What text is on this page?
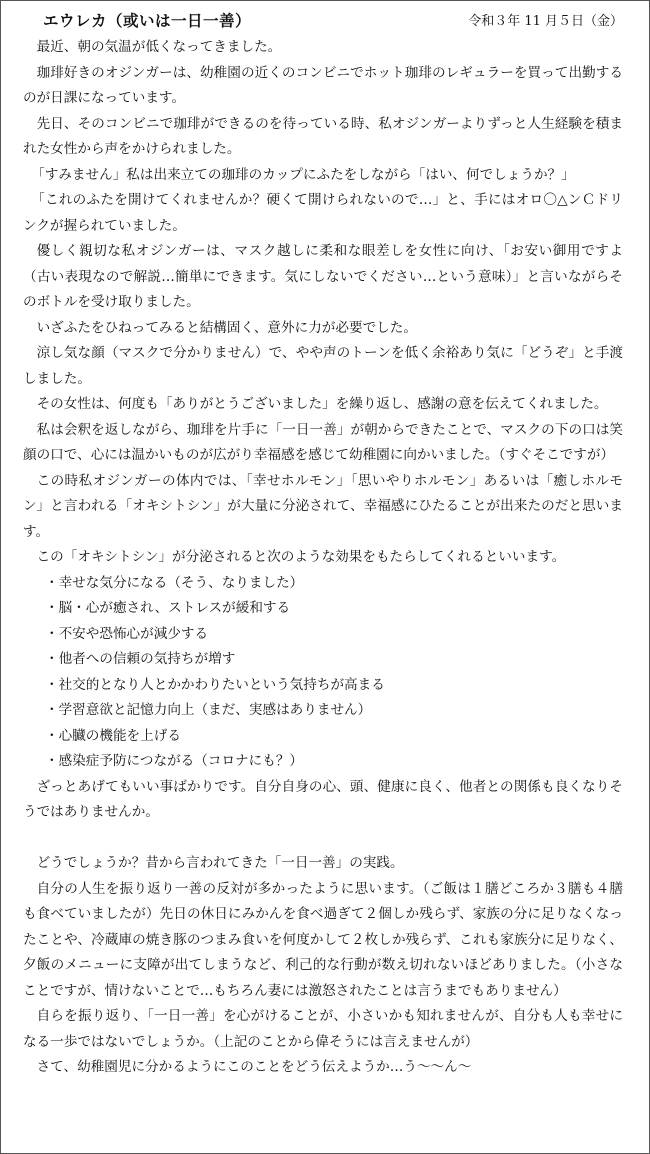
エウレカ（或いは一日一善）	令和３年 11 月５日（金）

最近、朝の気温が低くなってきました。

珈琲好きのオジンガーは、幼稚園の近くのコンビニでホット珈琲のレギュラーを買って出勤するのが日課になっています。

先日、そのコンビニで珈琲ができるのを待っている時、私オジンガーよりずっと人生経験を積まれた女性から声をかけられました。

「すみません」私は出来立ての珈琲のカップにふたをしながら「はい、何でしょうか？」

「これのふたを開けてくれませんか？硬くて開けられないので…」と、手にはオロ〇△ンＣドリンクが握られていました。

優しく親切な私オジンガーは、マスク越しに柔和な眼差しを女性に向け、「お安い御用ですよ（古い表現なので解説…簡単にできます。気にしないでください…という意味）」と言いながらそのボトルを受け取りました。

いざふたをひねってみると結構固く、意外に力が必要でした。

涼し気な顔（マスクで分かりません）で、やや声のトーンを低く余裕あり気に「どうぞ」と手渡しました。

その女性は、何度も「ありがとうございました」を繰り返し、感謝の意を伝えてくれました。

私は会釈を返しながら、珈琲を片手に「一日一善」が朝からできたことで、マスクの下の口は笑顔の口で、心には温かいものが広がり幸福感を感じて幼稚園に向かいました。（すぐそこですが）

この時私オジンガーの体内では、「幸せホルモン」「思いやりホルモン」あるいは「癒しホルモン」と言われる「オキシトシン」が大量に分泌されて、幸福感にひたることが出来たのだと思います。

この「オキシトシン」が分泌されると次のような効果をもたらしてくれるといいます。

・幸せな気分になる（そう、なりました）
・脳・心が癒され、ストレスが緩和する
・不安や恐怖心が減少する
・他者への信頼の気持ちが増す
・社交的となり人とかかわりたいという気持ちが高まる
・学習意欲と記憶力向上（まだ、実感はありません）
・心臓の機能を上げる
・感染症予防につながる（コロナにも？）

ざっとあげてもいい事ばかりです。自分自身の心、頭、健康に良く、他者との関係も良くなりそうではありませんか。

どうでしょうか？昔から言われてきた「一日一善」の実践。

自分の人生を振り返り一善の反対が多かったように思います。（ご飯は１膳どころか３膳も４膳も食べていましたが）先日の休日にみかんを食べ過ぎて２個しか残らず、家族の分に足りなくなったことや、冷蔵庫の焼き豚のつまみ食いを何度かして２枚しか残らず、これも家族分に足りなく、夕飯のメニューに支障が出てしまうなど、利己的な行動が数え切れないほどありました。（小さなことですが、情けないことで…もちろん妻には激怒されたことは言うまでもありません）

自らを振り返り、「一日一善」を心がけることが、小さいかも知れませんが、自分も人も幸せになる一歩ではないでしょうか。（上記のことから偉そうには言えませんが）

さて、幼稚園児に分かるようにこのことをどう伝えようか…う～～ん～
